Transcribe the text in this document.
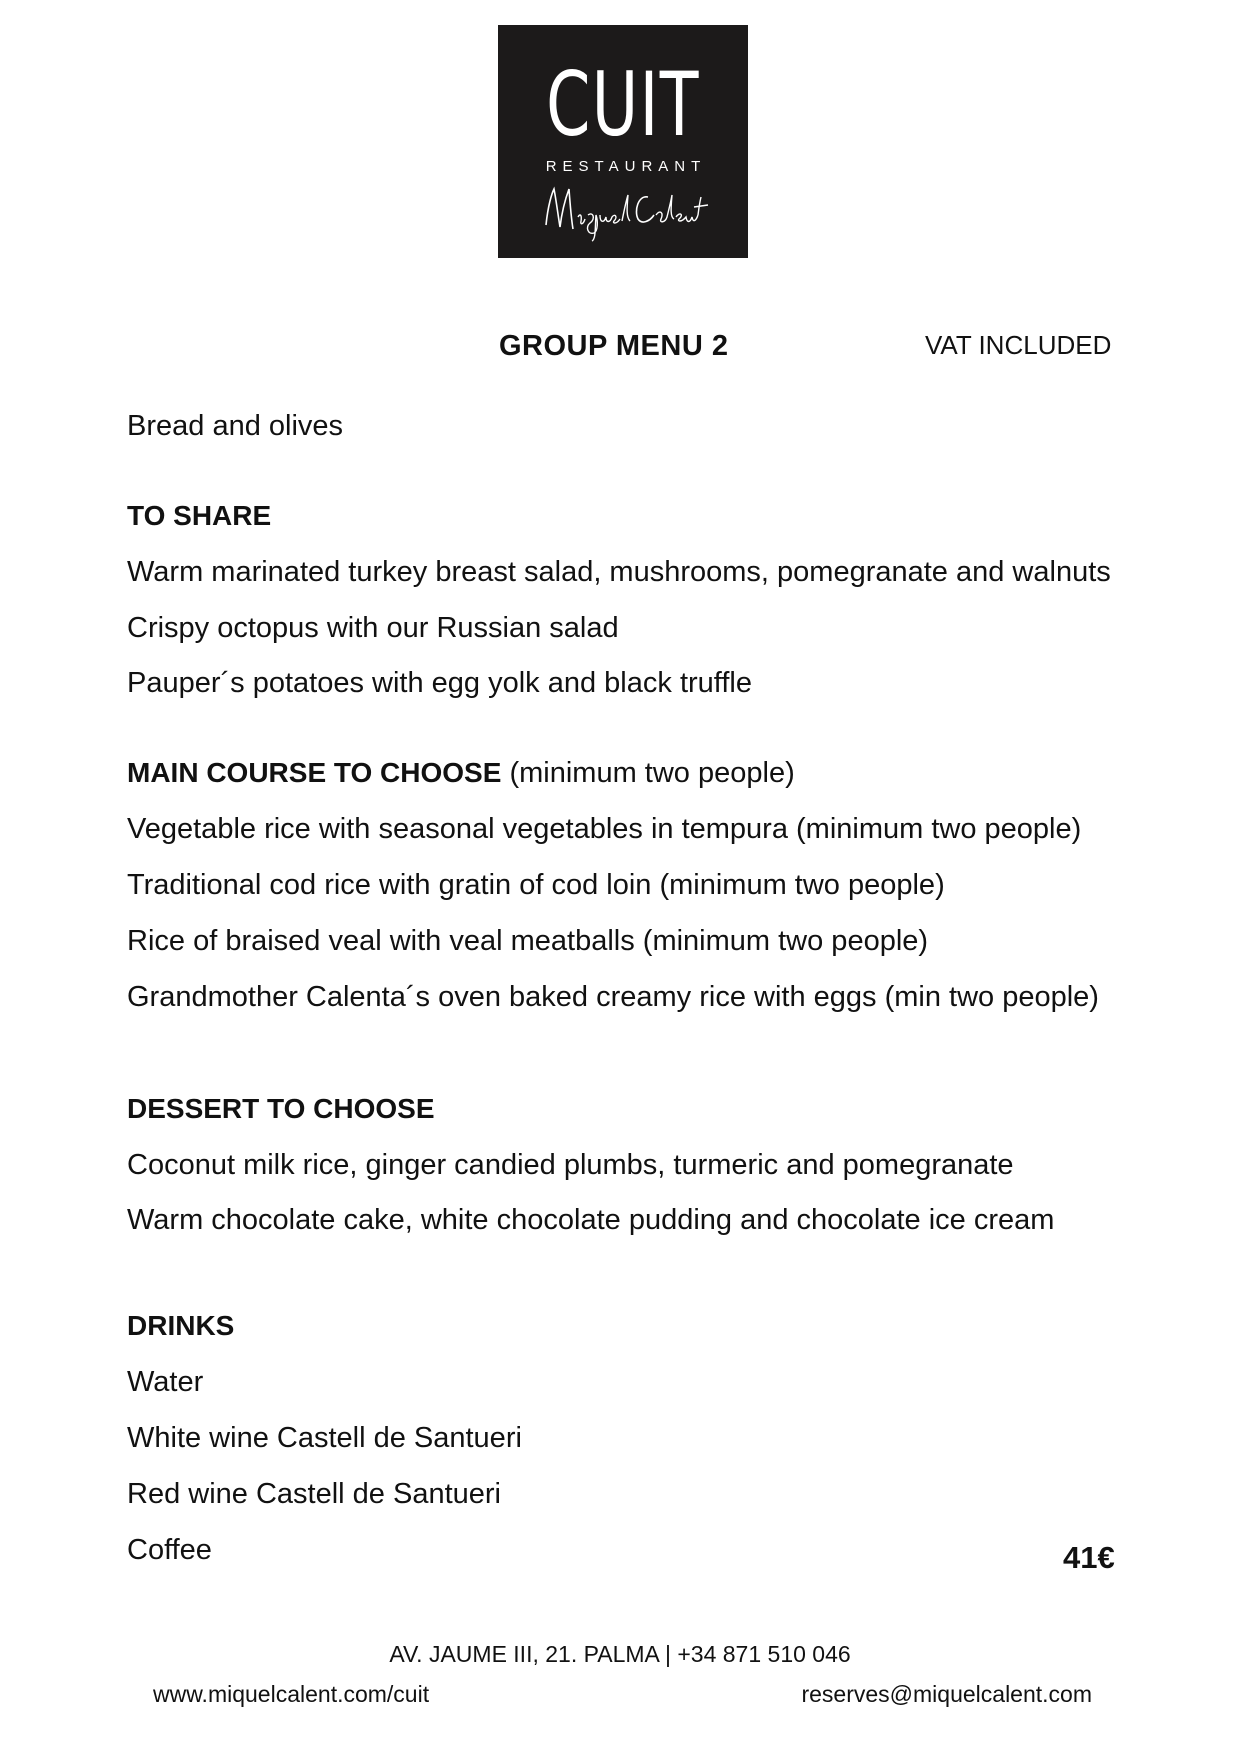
CUIT
RESTAURANT
GROUP MENU 2	VAT INCLUDED
Bread and olives
TO SHARE
Warm marinated turkey breast salad, mushrooms, pomegranate and walnuts
Crispy octopus with our Russian salad
Pauper´s potatoes with egg yolk and black truffle
MAIN COURSE TO CHOOSE (minimum two people)
Vegetable rice with seasonal vegetables in tempura (minimum two people)
Traditional cod rice with gratin of cod loin (minimum two people)
Rice of braised veal with veal meatballs (minimum two people)
Grandmother Calenta´s oven baked creamy rice with eggs (min two people)
DESSERT TO CHOOSE
Coconut milk rice, ginger candied plumbs, turmeric and pomegranate
Warm chocolate cake, white chocolate pudding and chocolate ice cream
DRINKS
Water
White wine Castell de Santueri
Red wine Castell de Santueri
Coffee	41€
AV. JAUME III, 21. PALMA | +34 871 510 046
www.miquelcalent.com/cuit	reserves@miquelcalent.com
